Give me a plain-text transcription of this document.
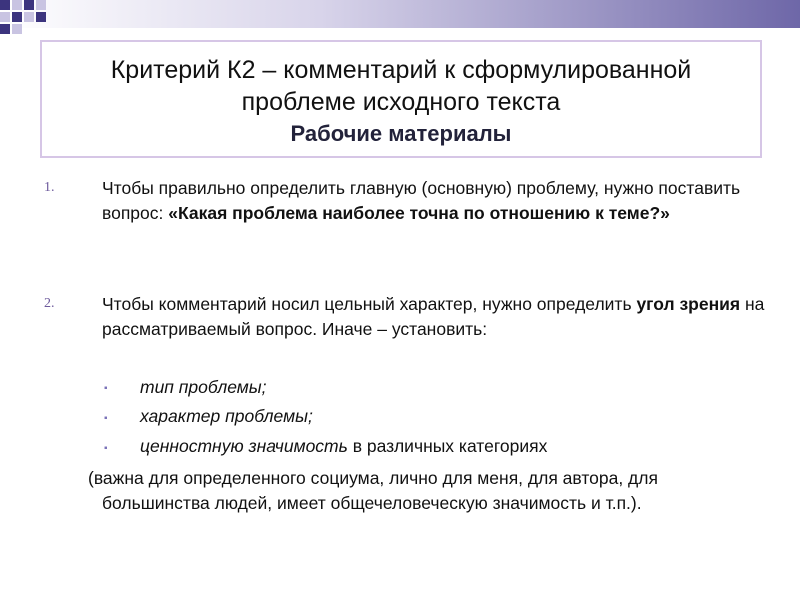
Критерий К2 – комментарий к сформулированной
проблеме исходного текста
Рабочие материалы
1.	Чтобы правильно определить главную (основную) проблему, нужно поставить вопрос: «Какая проблема наиболее точна по отношению к теме?»
2.	Чтобы комментарий носил цельный характер, нужно определить угол зрения на рассматриваемый вопрос. Иначе – установить:
▪ тип проблемы;
▪ характер проблемы;
▪ ценностную значимость в различных категориях
(важна для определенного социума, лично для меня, для автора, для большинства людей, имеет общечеловеческую значимость и т.п.).
